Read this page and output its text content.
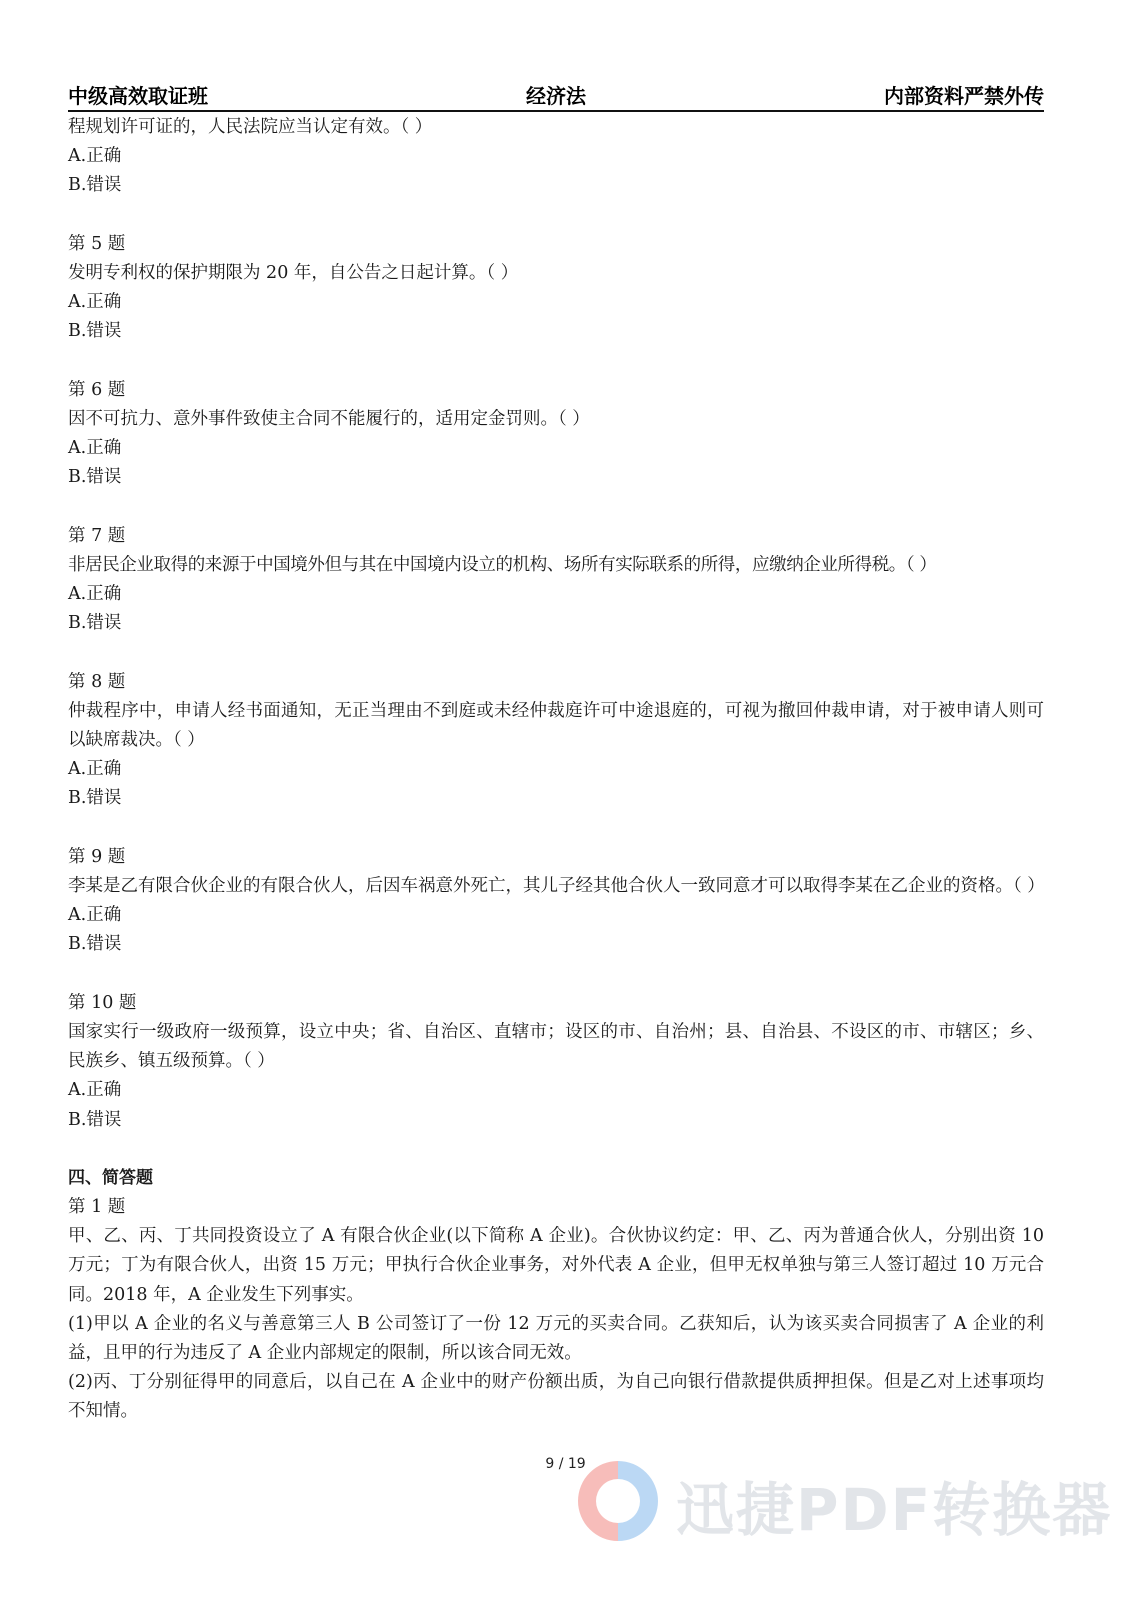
中级高效取证班	经济法	内部资料严禁外传
程规划许可证的，人民法院应当认定有效。（ ）
A.正确
B.错误
第 5 题
发明专利权的保护期限为 20 年，自公告之日起计算。（ ）
A.正确
B.错误
第 6 题
因不可抗力、意外事件致使主合同不能履行的，适用定金罚则。（ ）
A.正确
B.错误
第 7 题
非居民企业取得的来源于中国境外但与其在中国境内设立的机构、场所有实际联系的所得，应缴纳企业所得税。（ ）
A.正确
B.错误
第 8 题
仲裁程序中，申请人经书面通知，无正当理由不到庭或未经仲裁庭许可中途退庭的，可视为撤回仲裁申请，对于被申请人则可以缺席裁决。（ ）
A.正确
B.错误
第 9 题
李某是乙有限合伙企业的有限合伙人，后因车祸意外死亡，其儿子经其他合伙人一致同意才可以取得李某在乙企业的资格。（ ）
A.正确
B.错误
第 10 题
国家实行一级政府一级预算，设立中央；省、自治区、直辖市；设区的市、自治州；县、自治县、不设区的市、市辖区；乡、民族乡、镇五级预算。（ ）
A.正确
B.错误
四、简答题
第 1 题
甲、乙、丙、丁共同投资设立了 A 有限合伙企业(以下简称 A 企业)。合伙协议约定：甲、乙、丙为普通合伙人，分别出资 10 万元；丁为有限合伙人，出资 15 万元；甲执行合伙企业事务，对外代表 A 企业，但甲无权单独与第三人签订超过 10 万元合同。2018 年，A 企业发生下列事实。
(1)甲以 A 企业的名义与善意第三人 B 公司签订了一份 12 万元的买卖合同。乙获知后，认为该买卖合同损害了 A 企业的利益，且甲的行为违反了 A 企业内部规定的限制，所以该合同无效。
(2)丙、丁分别征得甲的同意后，以自己在 A 企业中的财产份额出质，为自己向银行借款提供质押担保。但是乙对上述事项均不知情。
9 / 19
迅捷PDF转换器
